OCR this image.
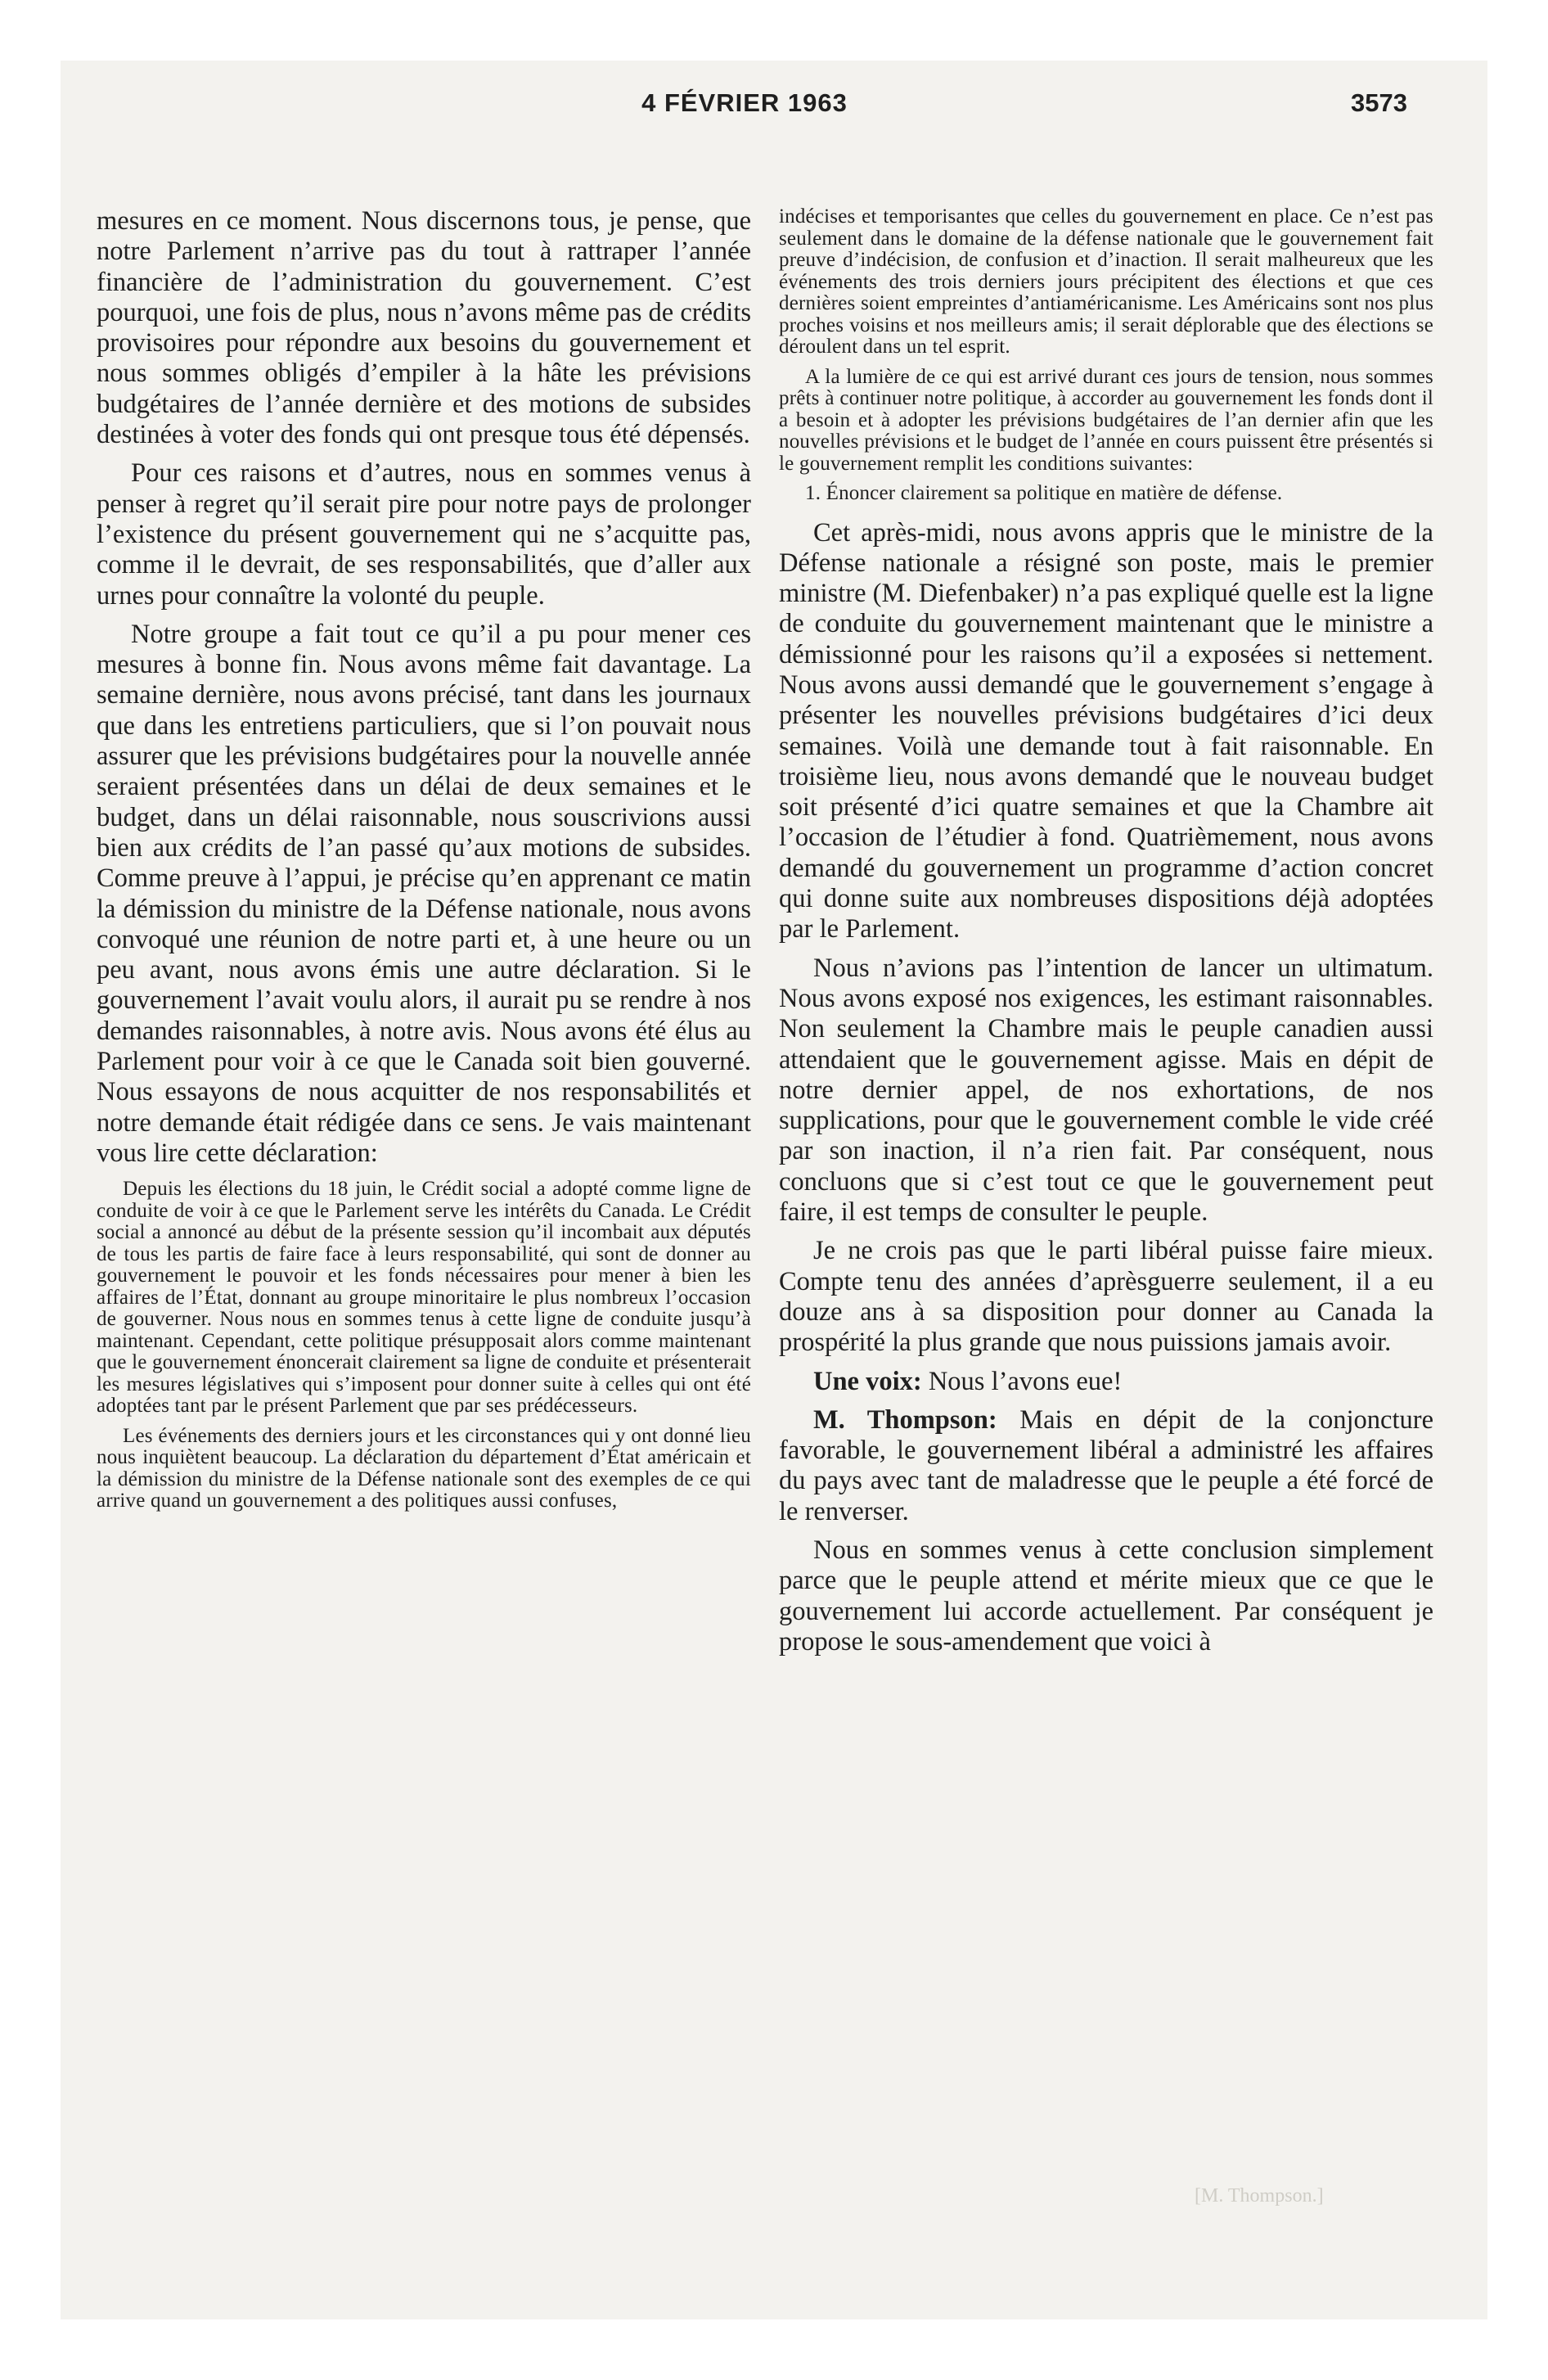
4 FÉVRIER 1963	3573

mesures en ce moment. Nous discernons tous, je pense, que notre Parlement n’arrive pas du tout à rattraper l’année financière de l’administration du gouvernement. C’est pourquoi, une fois de plus, nous n’avons même pas de crédits provisoires pour répondre aux besoins du gouvernement et nous sommes obligés d’empiler à la hâte les prévisions budgétaires de l’année dernière et des motions de subsides destinées à voter des fonds qui ont presque tous été dépensés.

Pour ces raisons et d’autres, nous en sommes venus à penser à regret qu’il serait pire pour notre pays de prolonger l’existence du présent gouvernement qui ne s’acquitte pas, comme il le devrait, de ses responsabilités, que d’aller aux urnes pour connaître la volonté du peuple.

Notre groupe a fait tout ce qu’il a pu pour mener ces mesures à bonne fin. Nous avons même fait davantage. La semaine dernière, nous avons précisé, tant dans les journaux que dans les entretiens particuliers, que si l’on pouvait nous assurer que les prévisions budgétaires pour la nouvelle année seraient présentées dans un délai de deux semaines et le budget, dans un délai raisonnable, nous souscrivions aussi bien aux crédits de l’an passé qu’aux motions de subsides. Comme preuve à l’appui, je précise qu’en apprenant ce matin la démission du ministre de la Défense nationale, nous avons convoqué une réunion de notre parti et, à une heure ou un peu avant, nous avons émis une autre déclaration. Si le gouvernement l’avait voulu alors, il aurait pu se rendre à nos demandes raisonnables, à notre avis. Nous avons été élus au Parlement pour voir à ce que le Canada soit bien gouverné. Nous essayons de nous acquitter de nos responsabilités et notre demande était rédigée dans ce sens. Je vais maintenant vous lire cette déclaration:

Depuis les élections du 18 juin, le Crédit social a adopté comme ligne de conduite de voir à ce que le Parlement serve les intérêts du Canada. Le Crédit social a annoncé au début de la présente session qu’il incombait aux députés de tous les partis de faire face à leurs responsabilité, qui sont de donner au gouvernement le pouvoir et les fonds nécessaires pour mener à bien les affaires de l’État, donnant au groupe minoritaire le plus nombreux l’occasion de gouverner. Nous nous en sommes tenus à cette ligne de conduite jusqu’à maintenant. Cependant, cette politique présupposait alors comme maintenant que le gouvernement énoncerait clairement sa ligne de conduite et présenterait les mesures législatives qui s’imposent pour donner suite à celles qui ont été adoptées tant par le présent Parlement que par ses prédécesseurs.

Les événements des derniers jours et les circonstances qui y ont donné lieu nous inquiètent beaucoup. La déclaration du département d’État américain et la démission du ministre de la Défense nationale sont des exemples de ce qui arrive quand un gouvernement a des politiques aussi confuses,

indécises et temporisantes que celles du gouvernement en place. Ce n’est pas seulement dans le domaine de la défense nationale que le gouvernement fait preuve d’indécision, de confusion et d’inaction. Il serait malheureux que les événements des trois derniers jours précipitent des élections et que ces dernières soient empreintes d’antiaméricanisme. Les Américains sont nos plus proches voisins et nos meilleurs amis; il serait déplorable que des élections se déroulent dans un tel esprit.

A la lumière de ce qui est arrivé durant ces jours de tension, nous sommes prêts à continuer notre politique, à accorder au gouvernement les fonds dont il a besoin et à adopter les prévisions budgétaires de l’an dernier afin que les nouvelles prévisions et le budget de l’année en cours puissent être présentés si le gouvernement remplit les conditions suivantes:

1. Énoncer clairement sa politique en matière de défense.

Cet après-midi, nous avons appris que le ministre de la Défense nationale a résigné son poste, mais le premier ministre (M. Diefenbaker) n’a pas expliqué quelle est la ligne de conduite du gouvernement maintenant que le ministre a démissionné pour les raisons qu’il a exposées si nettement. Nous avons aussi demandé que le gouvernement s’engage à présenter les nouvelles prévisions budgétaires d’ici deux semaines. Voilà une demande tout à fait raisonnable. En troisième lieu, nous avons demandé que le nouveau budget soit présenté d’ici quatre semaines et que la Chambre ait l’occasion de l’étudier à fond. Quatrièmement, nous avons demandé du gouvernement un programme d’action concret qui donne suite aux nombreuses dispositions déjà adoptées par le Parlement.

Nous n’avions pas l’intention de lancer un ultimatum. Nous avons exposé nos exigences, les estimant raisonnables. Non seulement la Chambre mais le peuple canadien aussi attendaient que le gouvernement agisse. Mais en dépit de notre dernier appel, de nos exhortations, de nos supplications, pour que le gouvernement comble le vide créé par son inaction, il n’a rien fait. Par conséquent, nous concluons que si c’est tout ce que le gouvernement peut faire, il est temps de consulter le peuple.

Je ne crois pas que le parti libéral puisse faire mieux. Compte tenu des années d’aprèsguerre seulement, il a eu douze ans à sa disposition pour donner au Canada la prospérité la plus grande que nous puissions jamais avoir.

Une voix: Nous l’avons eue!

M. Thompson: Mais en dépit de la conjoncture favorable, le gouvernement libéral a administré les affaires du pays avec tant de maladresse que le peuple a été forcé de le renverser.

Nous en sommes venus à cette conclusion simplement parce que le peuple attend et mérite mieux que ce que le gouvernement lui accorde actuellement. Par conséquent je propose le sous-amendement que voici à

[M. Thompson.]
